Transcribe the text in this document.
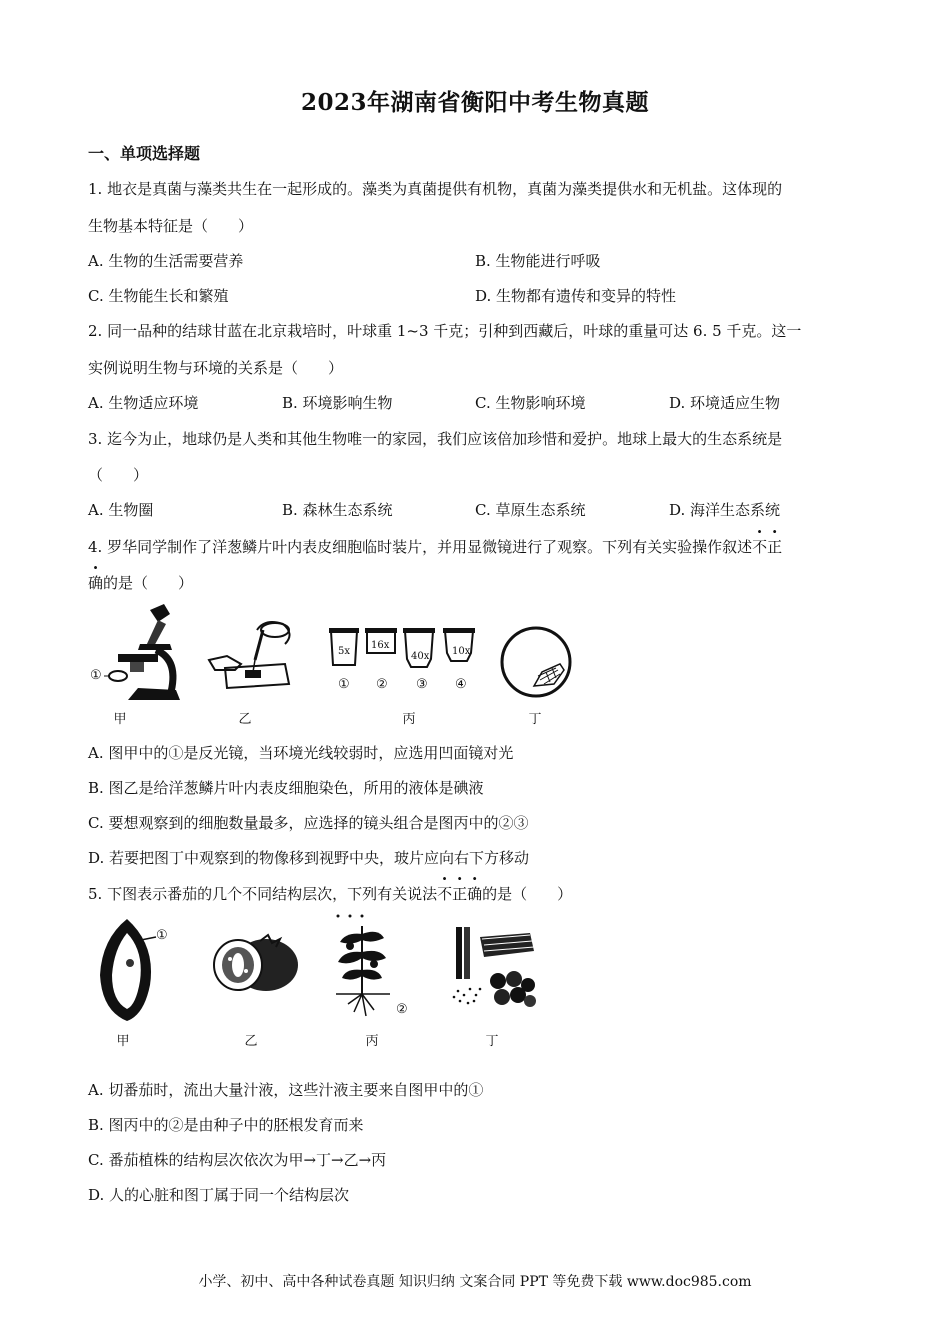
2023年湖南省衡阳中考生物真题
一、单项选择题
1. 地衣是真菌与藻类共生在一起形成的。藻类为真菌提供有机物，真菌为藻类提供水和无机盐。这体现的
生物基本特征是（　　）
A. 生物的生活需要营养	B. 生物能进行呼吸
C. 生物能生长和繁殖	D. 生物都有遗传和变异的特性
2. 同一品种的结球甘蓝在北京栽培时，叶球重 1~3 千克；引种到西藏后，叶球的重量可达 6. 5 千克。这一
实例说明生物与环境的关系是（　　）
A. 生物适应环境	B. 环境影响生物	C. 生物影响环境	D. 环境适应生物
3. 迄今为止，地球仍是人类和其他生物唯一的家园，我们应该倍加珍惜和爱护。地球上最大的生态系统是
（　　）
A. 生物圈	B. 森林生态系统	C. 草原生态系统	D. 海洋生态系统
4. 罗华同学制作了洋葱鳞片叶内表皮细胞临时装片，并用显微镜进行了观察。下列有关实验操作叙述不正
确的是（　　）
①
5x
16x
40x 10x
① ② ③ ④
甲	乙	丙	丁
A. 图甲中的①是反光镜，当环境光线较弱时，应选用凹面镜对光
B. 图乙是给洋葱鳞片叶内表皮细胞染色，所用的液体是碘液
C. 要想观察到的细胞数量最多，应选择的镜头组合是图丙中的②③
D. 若要把图丁中观察到的物像移到视野中央，玻片应向右下方移动
5. 下图表示番茄的几个不同结构层次，下列有关说法不正确的是（　　）
①
②
甲	乙	丙	丁
A. 切番茄时，流出大量汁液，这些汁液主要来自图甲中的①
B. 图丙中的②是由种子中的胚根发育而来
C. 番茄植株的结构层次依次为甲→丁→乙→丙
D. 人的心脏和图丁属于同一个结构层次
小学、初中、高中各种试卷真题 知识归纳 文案合同 PPT 等免费下载 www.doc985.com
